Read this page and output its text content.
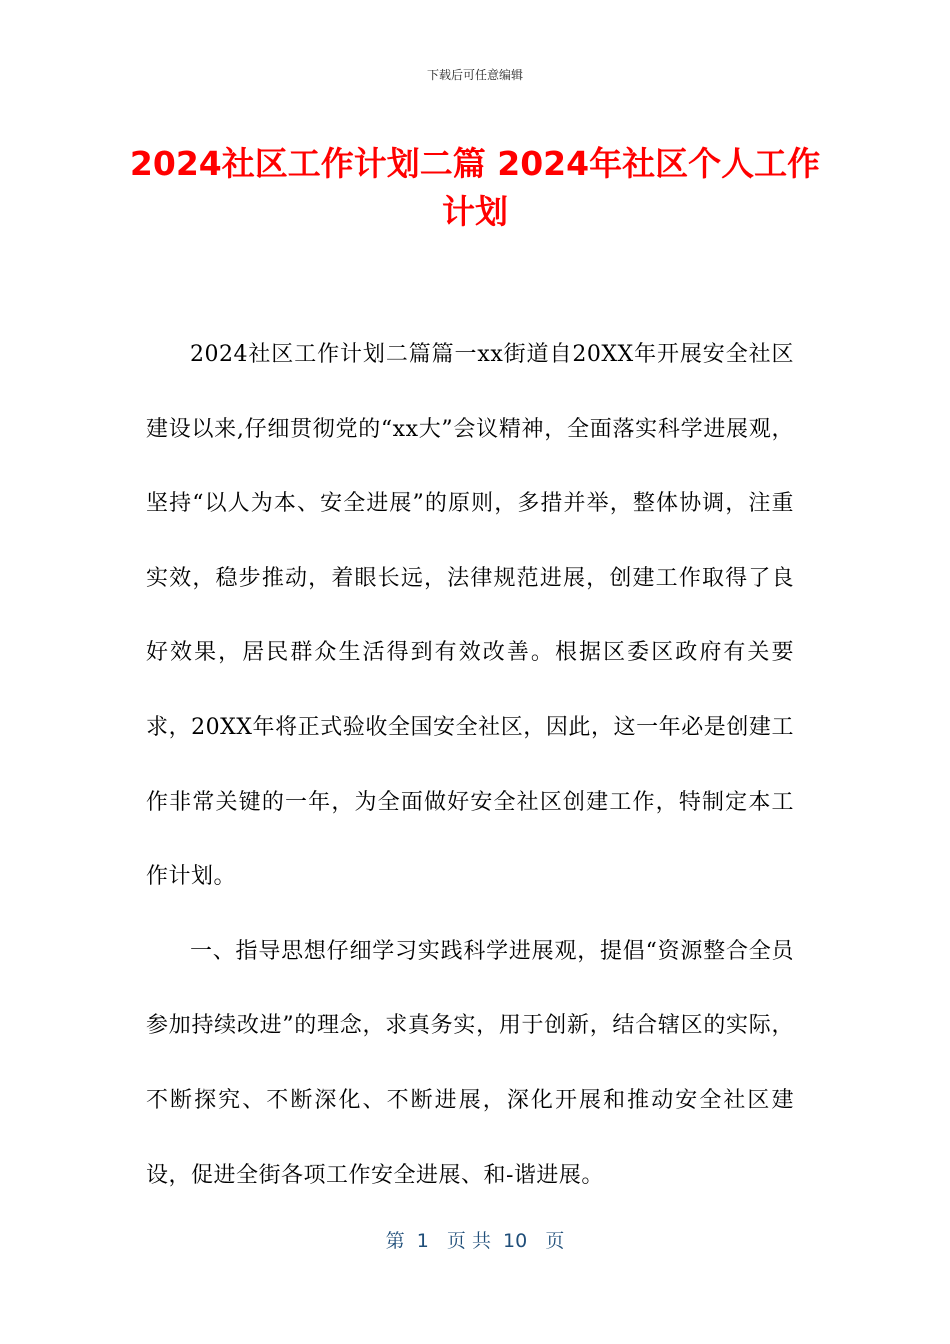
下载后可任意编辑
2024社区工作计划二篇 2024年社区个人工作计划

2024社区工作计划二篇篇一xx街道自20XX年开展安全社区建设以来,仔细贯彻党的“xx大”会议精神，全面落实科学进展观，坚持“以人为本、安全进展”的原则，多措并举，整体协调，注重实效，稳步推动，着眼长远，法律规范进展，创建工作取得了良好效果，居民群众生活得到有效改善。根据区委区政府有关要求，20XX年将正式验收全国安全社区，因此，这一年必是创建工作非常关键的一年，为全面做好安全社区创建工作，特制定本工作计划。

一、指导思想仔细学习实践科学进展观，提倡“资源整合全员参加持续改进”的理念，求真务实，用于创新，结合辖区的实际，不断探究、不断深化、不断进展，深化开展和推动安全社区建设，促进全街各项工作安全进展、和-谐进展。

第  1   页 共  10   页
